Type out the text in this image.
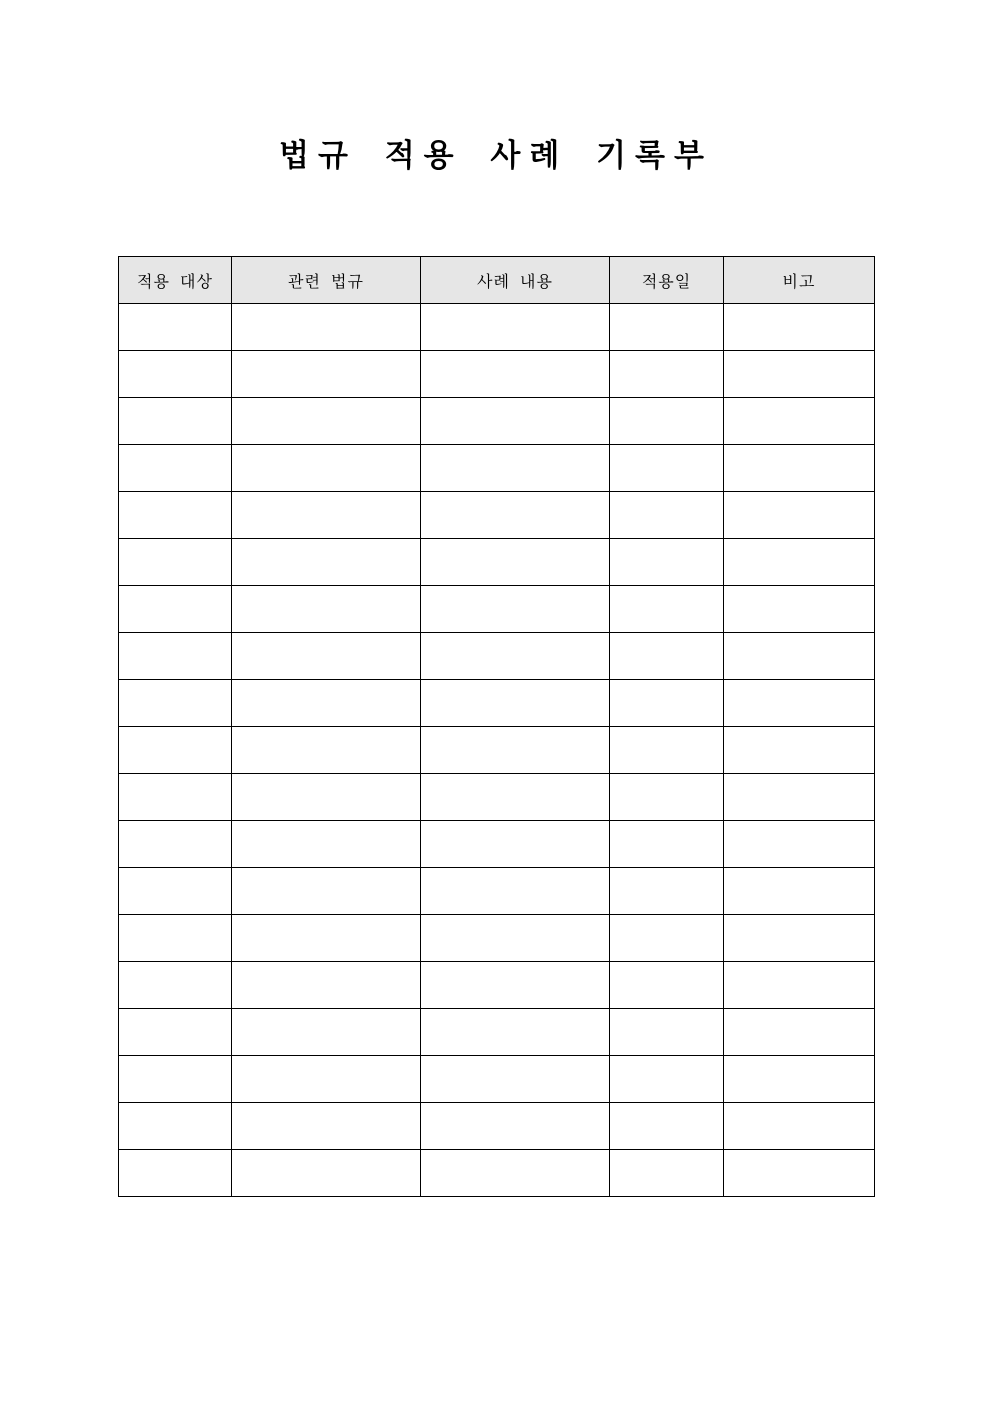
법규 적용 사례 기록부
적용 대상	관련 법규	사례 내용	적용일	비고
